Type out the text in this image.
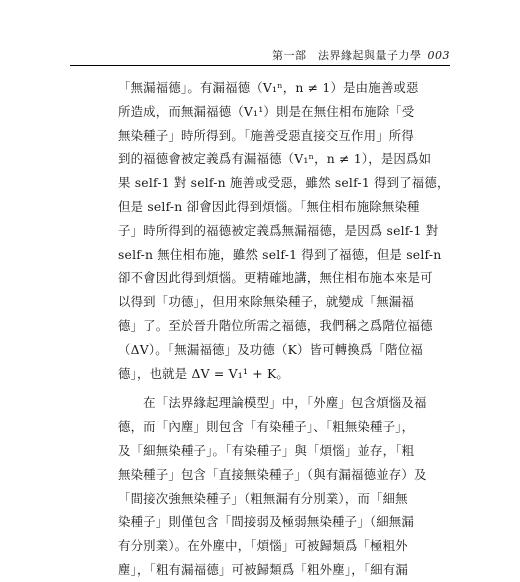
第一部　法界緣起與量子力學 003
「無漏福德」。有漏福德（V₁ⁿ，n ≠ 1）是由施善或惡
所造成，而無漏福德（V₁¹）則是在無住相布施除「受
無染種子」時所得到。「施善受惡直接交互作用」所得
到的福德會被定義爲有漏福德（V₁ⁿ，n ≠ 1），是因爲如
果 self-1 對 self-n 施善或受惡，雖然 self-1 得到了福德，
但是 self-n 卻會因此得到煩惱。「無住相布施除無染種
子」時所得到的福德被定義爲無漏福德，是因爲 self-1 對
self-n 無住相布施，雖然 self-1 得到了福德，但是 self-n
卻不會因此得到煩惱。更精確地講，無住相布施本來是可
以得到「功德」，但用來除無染種子，就變成「無漏福
德」了。至於晉升階位所需之福德，我們稱之爲階位福德
（ΔV）。「無漏福德」及功德（K）皆可轉換爲「階位福
德」，也就是 ΔV = V₁¹ + K。
　　在「法界緣起理論模型」中，「外塵」包含煩惱及福
德，而「內塵」則包含「有染種子」、「粗無染種子」，
及「細無染種子」。「有染種子」與「煩惱」並存，「粗
無染種子」包含「直接無染種子」（與有漏福德並存）及
「間接次強無染種子」（粗無漏有分別業），而「細無
染種子」則僅包含「間接弱及極弱無染種子」（細無漏
有分別業）。在外塵中，「煩惱」可被歸類爲「極粗外
塵」，「粗有漏福德」可被歸類爲「粗外塵」，「細有漏
